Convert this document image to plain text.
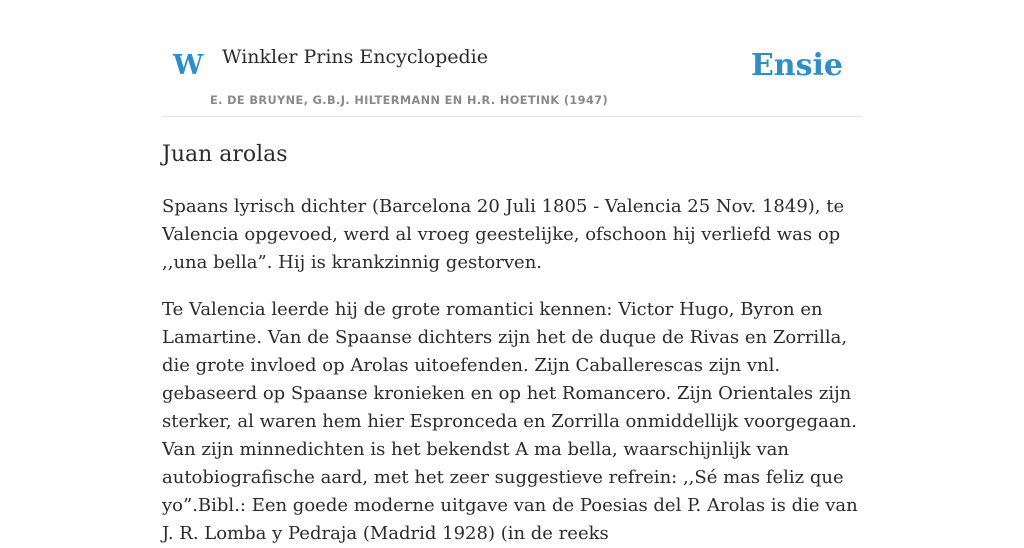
W Winkler Prins Encyclopedie
E. DE BRUYNE, G.B.J. HILTERMANN EN H.R. HOETINK (1947)
Ensie
Juan arolas

Spaans lyrisch dichter (Barcelona 20 Juli 1805 - Valencia 25 Nov. 1849), te Valencia opgevoed, werd al vroeg geestelijke, ofschoon hij verliefd was op ,,una bella”. Hij is krankzinnig gestorven.

Te Valencia leerde hij de grote romantici kennen: Victor Hugo, Byron en Lamartine. Van de Spaanse dichters zijn het de duque de Rivas en Zorrilla, die grote invloed op Arolas uitoefenden. Zijn Caballerescas zijn vnl. gebaseerd op Spaanse kronieken en op het Romancero. Zijn Orientales zijn sterker, al waren hem hier Espronceda en Zorrilla onmiddellijk voorgegaan. Van zijn minnedichten is het bekendst A ma bella, waarschijnlijk van autobiografische aard, met het zeer suggestieve refrein: ,,Sé mas feliz que yo”.Bibl.: Een goede moderne uitgave van de Poesias del P. Arolas is die van J. R. Lomba y Pedraja (Madrid 1928) (in de reeks
